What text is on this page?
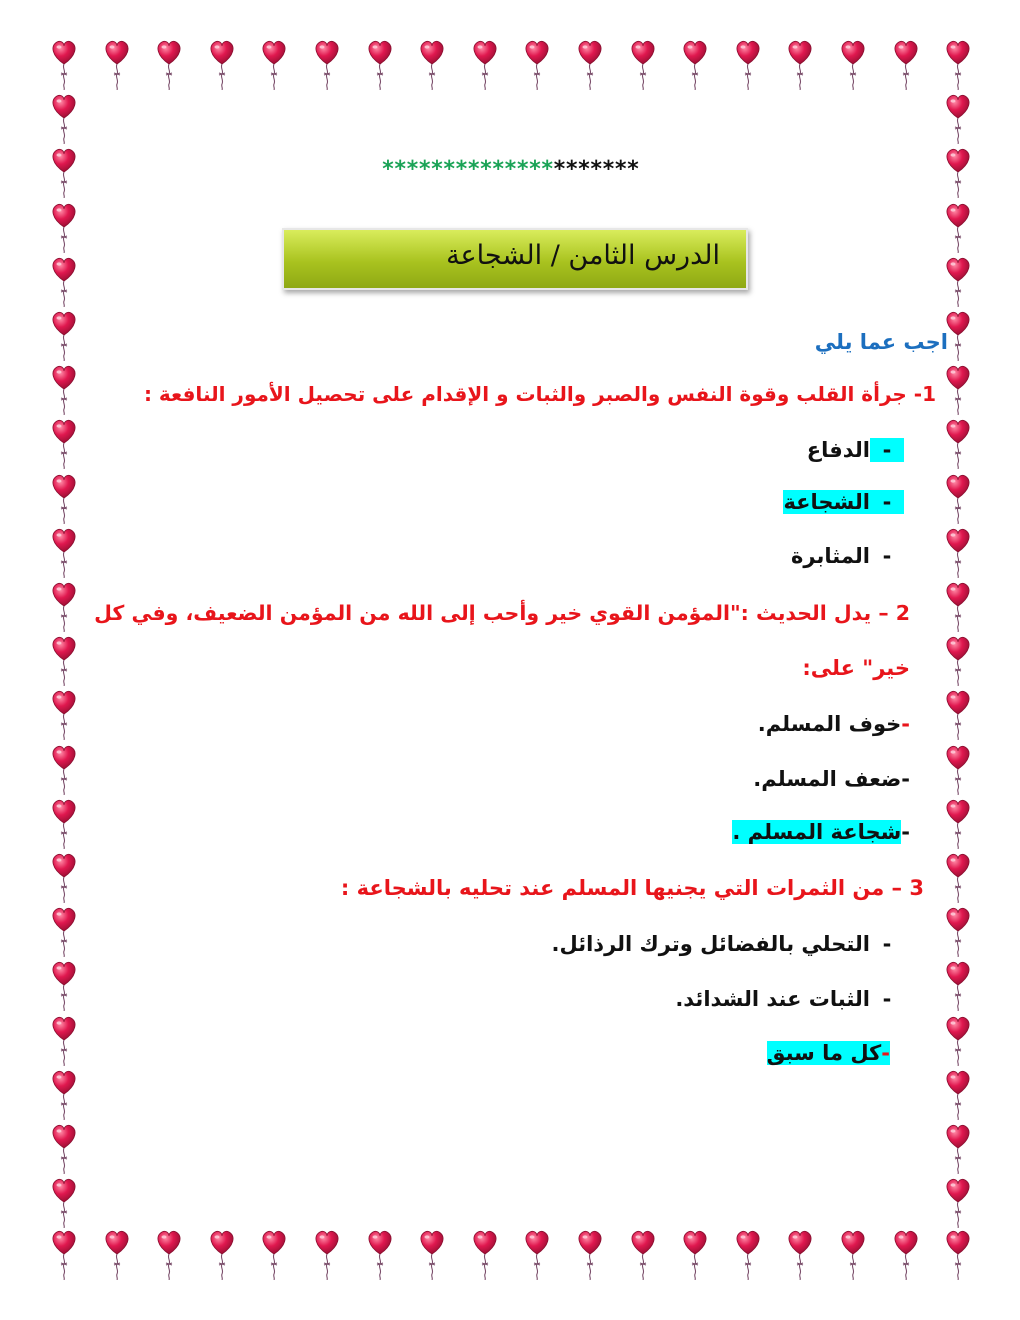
*********************
الدرس الثامن / الشجاعة
اجب عما يلي
1- جرأة القلب وقوة النفس والصبر والثبات و الإقدام على تحصيل الأمور النافعة :
-الدفاع
-الشجاعة
-المثابرة
2 – يدل الحديث :"المؤمن القوي خير وأحب إلى الله من المؤمن الضعيف، وفي كل
خير" على:
-خوف المسلم.
-ضعف المسلم.
-شجاعة المسلم .
3 – من الثمرات التي يجنيها المسلم عند تحليه بالشجاعة :
-التحلي بالفضائل وترك الرذائل.
-الثبات عند الشدائد.
-كل ما سبق
